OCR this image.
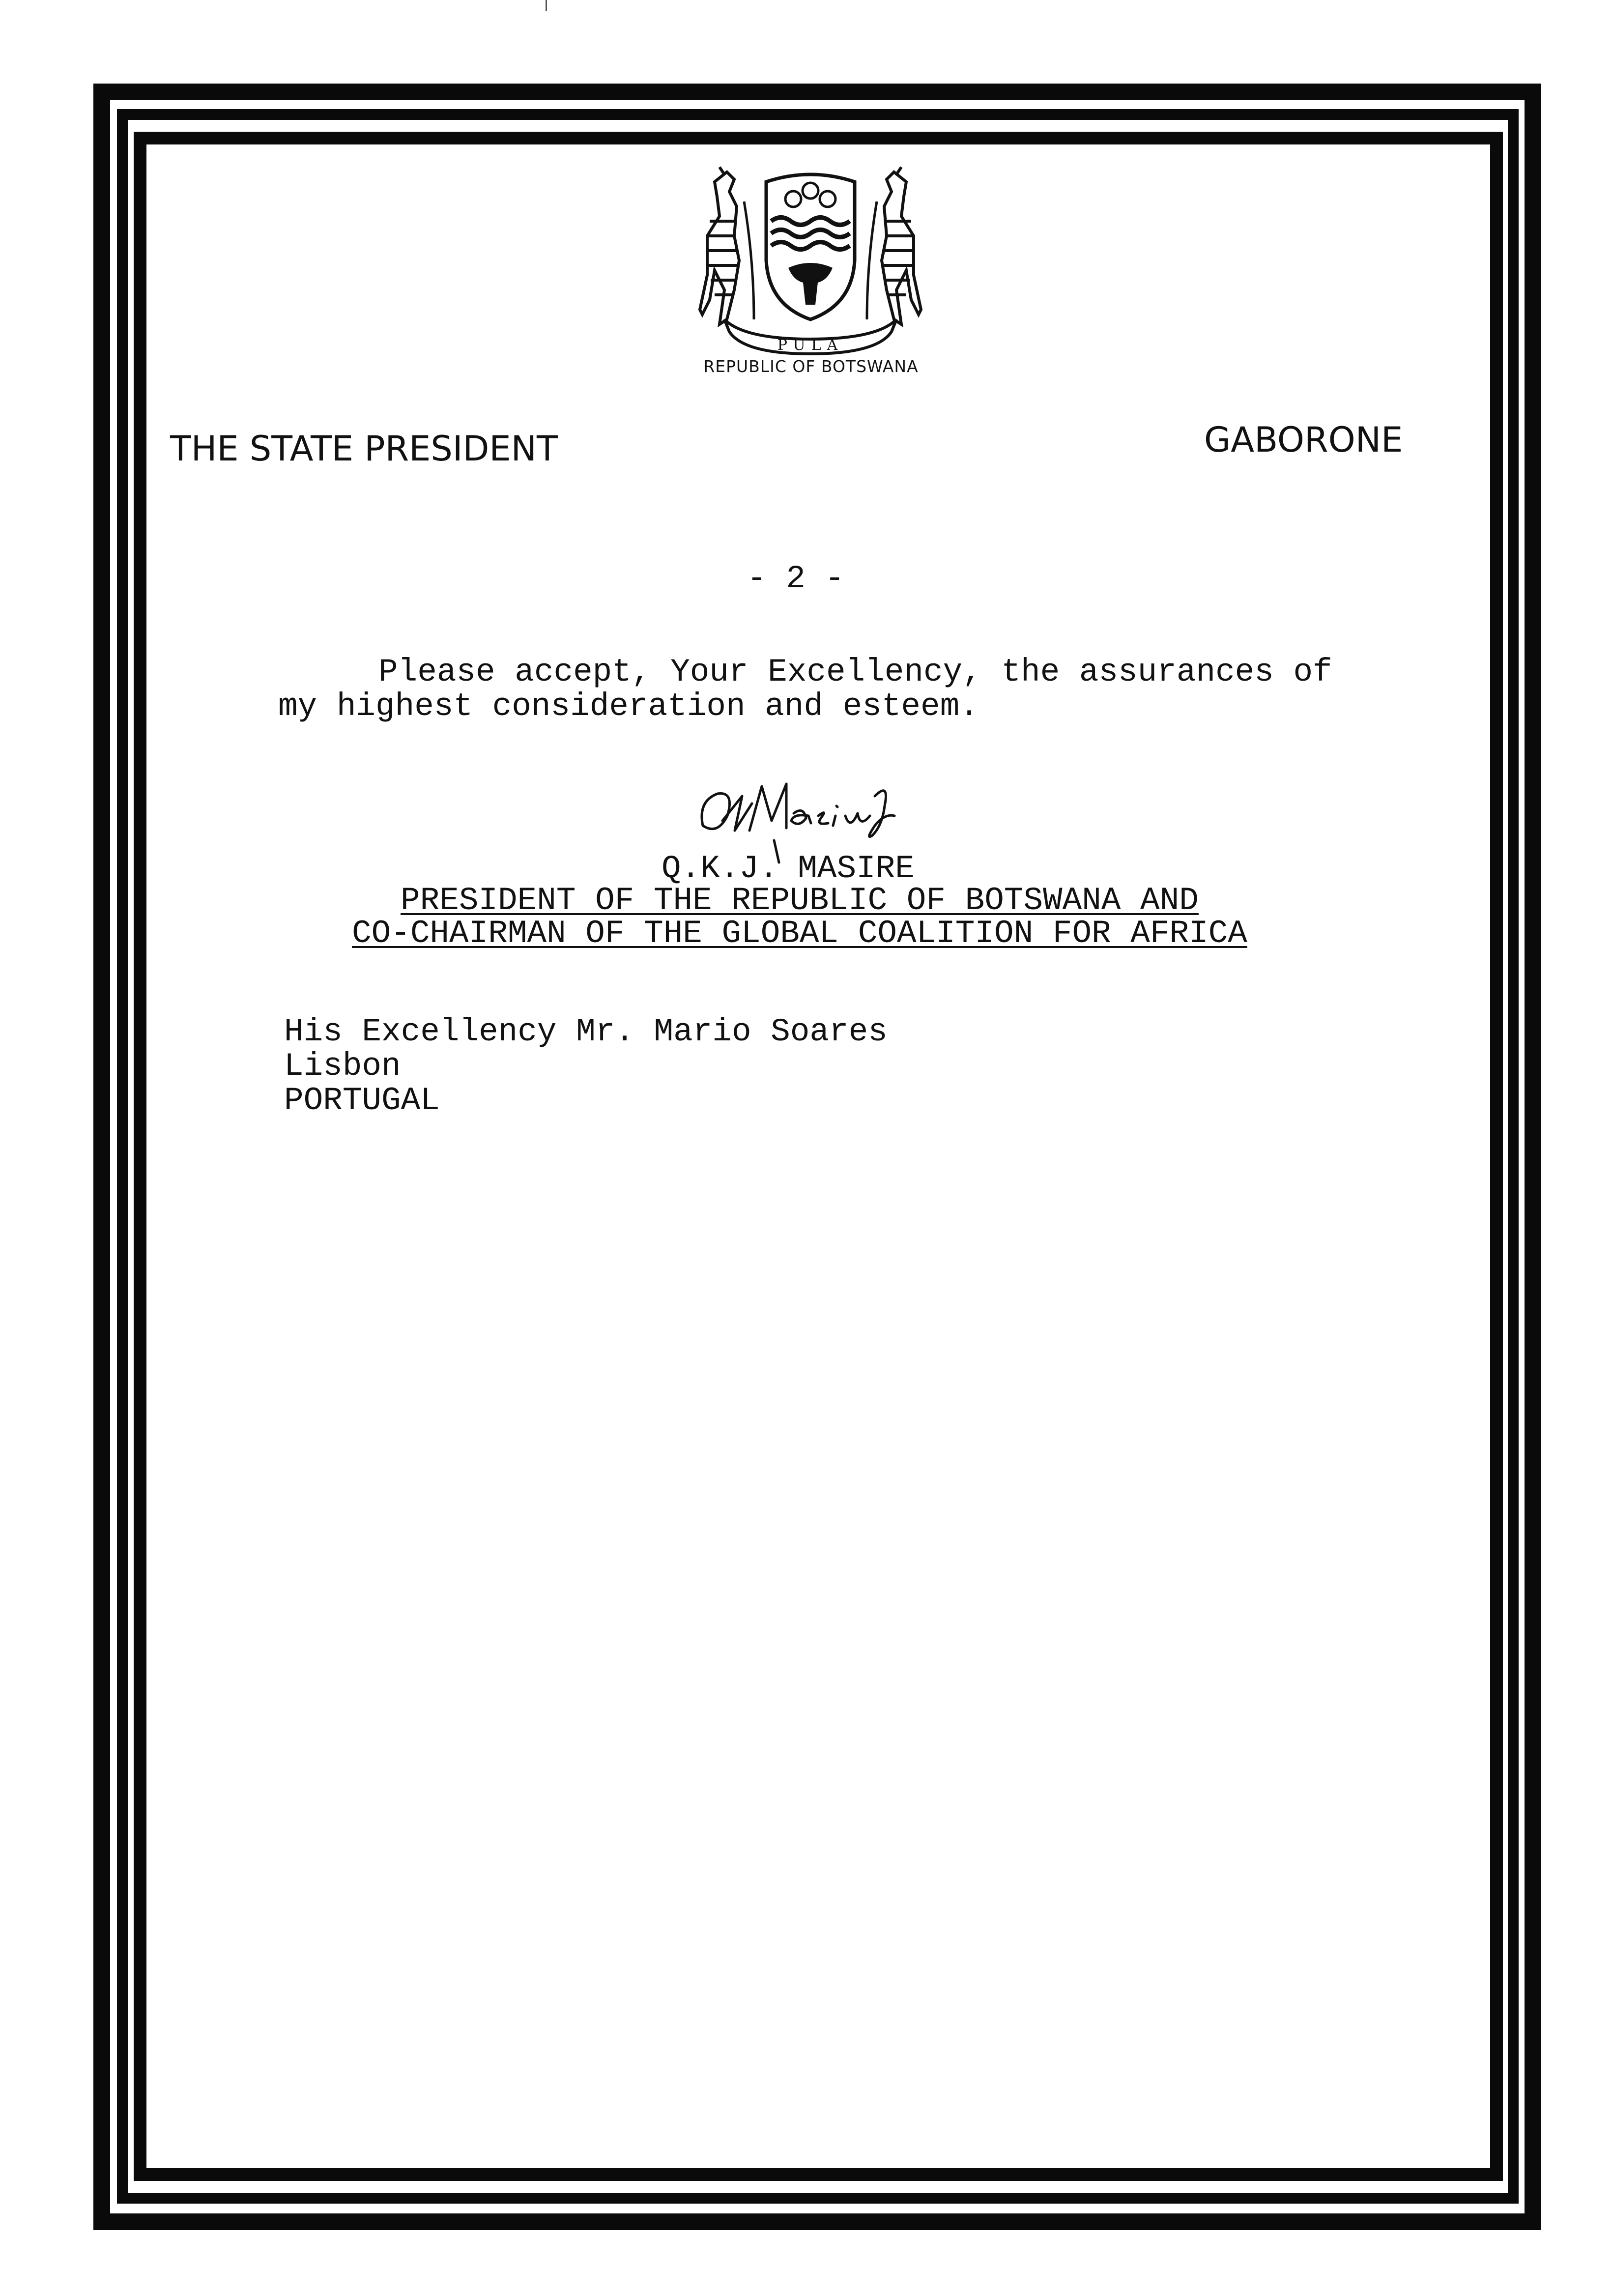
PULA
REPUBLIC OF BOTSWANA
THE STATE PRESIDENT	GABORONE
- 2 -
Please accept, Your Excellency, the assurances of
my highest consideration and esteem.
Q.K.J. MASIRE
PRESIDENT OF THE REPUBLIC OF BOTSWANA AND
CO-CHAIRMAN OF THE GLOBAL COALITION FOR AFRICA
His Excellency Mr. Mario Soares
Lisbon
PORTUGAL
